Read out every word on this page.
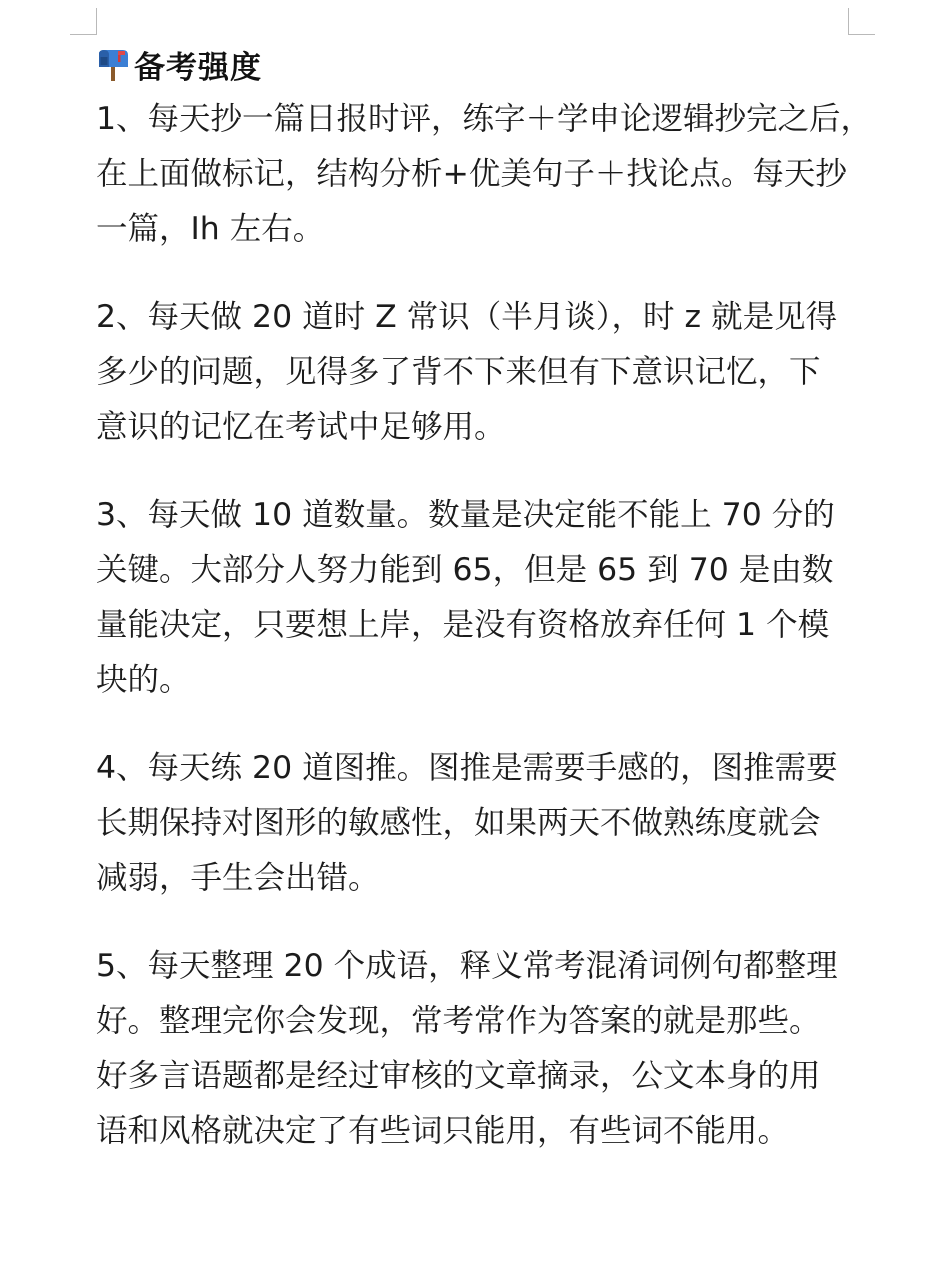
备考强度
1、每天抄一篇日报时评，练字＋学申论逻辑抄完之后，
在上面做标记，结构分析+优美句子＋找论点。每天抄
一篇，Ih 左右。
2、每天做 20 道时 Z 常识（半月谈），时 z 就是见得
多少的问题，见得多了背不下来但有下意识记忆，下
意识的记忆在考试中足够用。
3、每天做 10 道数量。数量是决定能不能上 70 分的
关键。大部分人努力能到 65，但是 65 到 70 是由数
量能决定，只要想上岸，是没有资格放弃任何 1 个模
块的。
4、每天练 20 道图推。图推是需要手感的，图推需要
长期保持对图形的敏感性，如果两天不做熟练度就会
减弱，手生会出错。
5、每天整理 20 个成语，释义常考混淆词例句都整理
好。整理完你会发现，常考常作为答案的就是那些。
好多言语题都是经过审核的文章摘录，公文本身的用
语和风格就决定了有些词只能用，有些词不能用。
